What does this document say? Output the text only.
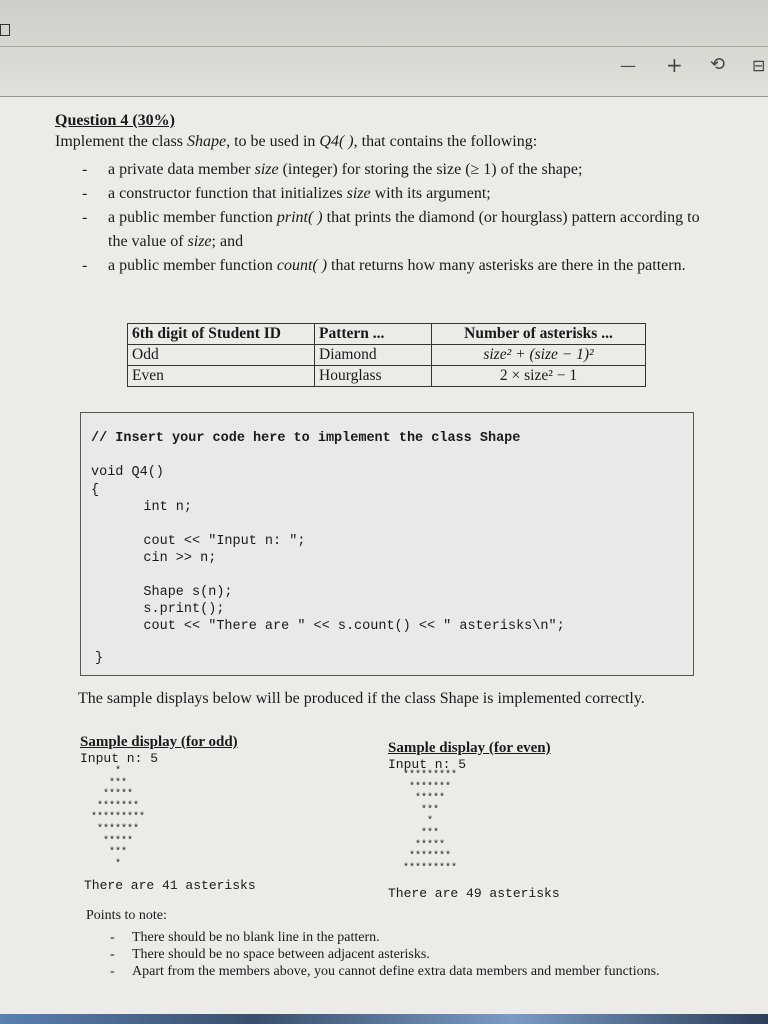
— + ⟲ ⊟
Question 4 (30%)
Implement the class Shape, to be used in Q4( ), that contains the following:
- a private data member size (integer) for storing the size (≥ 1) of the shape;
- a constructor function that initializes size with its argument;
- a public member function print( ) that prints the diamond (or hourglass) pattern according to the value of size; and
- a public member function count( ) that returns how many asterisks are there in the pattern.
6th digit of Student ID	Pattern ...	Number of asterisks ...
Odd	Diamond	size² + (size − 1)²
Even	Hourglass	2 × size² − 1
// Insert your code here to implement the class Shape
void Q4()
{
int n;
cout << "Input n: ";
cin >> n;
Shape s(n);
s.print();
cout << "There are " << s.count() << " asterisks\n";
}
The sample displays below will be produced if the class Shape is implemented correctly.
Sample display (for odd)
Input n: 5
*
***
*****
*******
*********
*******
*****
***
*
There are 41 asterisks
Sample display (for even)
Input n: 5
*********
*******
*****
***
*
***
*****
*******
*********
There are 49 asterisks
Points to note:
- There should be no blank line in the pattern.
- There should be no space between adjacent asterisks.
- Apart from the members above, you cannot define extra data members and member functions.
